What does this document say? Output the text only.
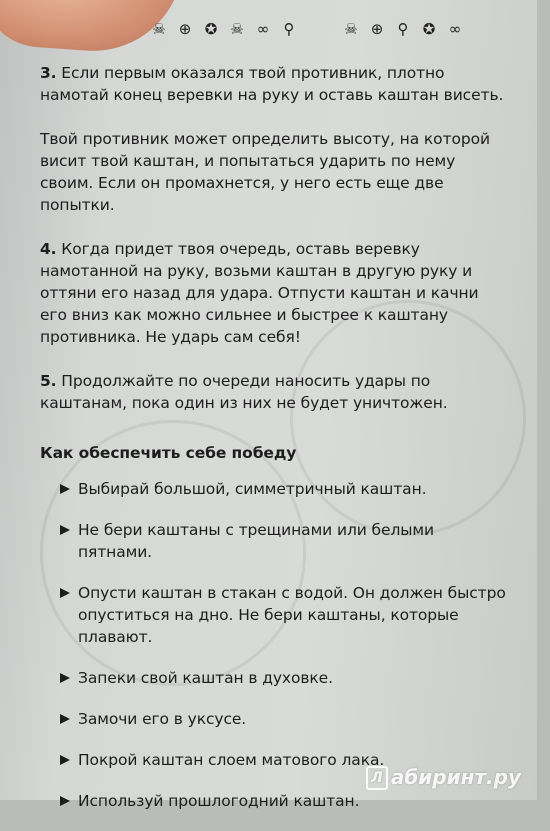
☠ ⊕ ✪ ☠ ∞ ⚲	☠ ⊕ ⚲ ✪ ∞

3. Если первым оказался твой противник, плотно намотай конец веревки на руку и оставь каштан висеть.

Твой противник может определить высоту, на которой висит твой каштан, и попытаться ударить по нему своим. Если он промахнется, у него есть еще две попытки.

4. Когда придет твоя очередь, оставь веревку намотанной на руку, возьми каштан в другую руку и оттяни его назад для удара. Отпусти каштан и качни его вниз как можно сильнее и быстрее к каштану противника. Не ударь сам себя!

5. Продолжайте по очереди наносить удары по каштанам, пока один из них не будет уничтожен.

Как обеспечить себе победу
Выбирай большой, симметричный каштан.
Не бери каштаны с трещинами или белыми пятнами.
Опусти каштан в стакан с водой. Он должен быстро опуститься на дно. Не бери каштаны, которые плавают.
Запеки свой каштан в духовке.
Замочи его в уксусе.
Покрой каштан слоем матового лака.
Используй прошлогодний каштан.
Л абиринт.ру
